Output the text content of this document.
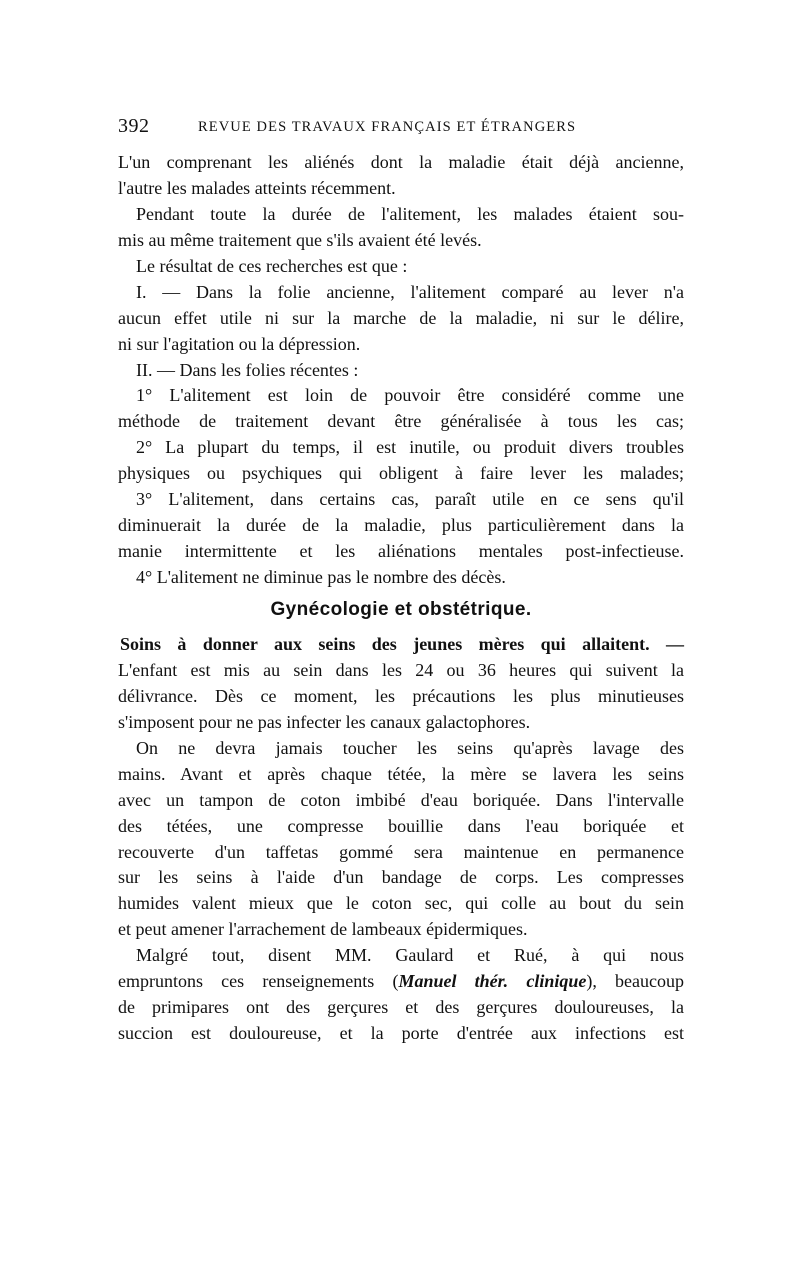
392	REVUE DES TRAVAUX FRANÇAIS ET ÉTRANGERS
L'un comprenant les aliénés dont la maladie était déjà ancienne,
l'autre les malades atteints récemment.
Pendant toute la durée de l'alitement, les malades étaient sou-
mis au même traitement que s'ils avaient été levés.
Le résultat de ces recherches est que :
I. — Dans la folie ancienne, l'alitement comparé au lever n'a
aucun effet utile ni sur la marche de la maladie, ni sur le délire,
ni sur l'agitation ou la dépression.
II. — Dans les folies récentes :
1° L'alitement est loin de pouvoir être considéré comme une
méthode de traitement devant être généralisée à tous les cas;
2° La plupart du temps, il est inutile, ou produit divers troubles
physiques ou psychiques qui obligent à faire lever les malades;
3° L'alitement, dans certains cas, paraît utile en ce sens qu'il
diminuerait la durée de la maladie, plus particulièrement dans la
manie intermittente et les aliénations mentales post-infectieuse.
4° L'alitement ne diminue pas le nombre des décès.
Gynécologie et obstétrique.
Soins à donner aux seins des jeunes mères qui allaitent. —
L'enfant est mis au sein dans les 24 ou 36 heures qui suivent la
délivrance. Dès ce moment, les précautions les plus minutieuses
s'imposent pour ne pas infecter les canaux galactophores.
On ne devra jamais toucher les seins qu'après lavage des
mains. Avant et après chaque tétée, la mère se lavera les seins
avec un tampon de coton imbibé d'eau boriquée. Dans l'intervalle
des tétées, une compresse bouillie dans l'eau boriquée et
recouverte d'un taffetas gommé sera maintenue en permanence
sur les seins à l'aide d'un bandage de corps. Les compresses
humides valent mieux que le coton sec, qui colle au bout du sein
et peut amener l'arrachement de lambeaux épidermiques.
Malgré tout, disent MM. Gaulard et Rué, à qui nous
empruntons ces renseignements (Manuel thér. clinique), beaucoup
de primipares ont des gerçures et des gerçures douloureuses, la
succion est douloureuse, et la porte d'entrée aux infections est
